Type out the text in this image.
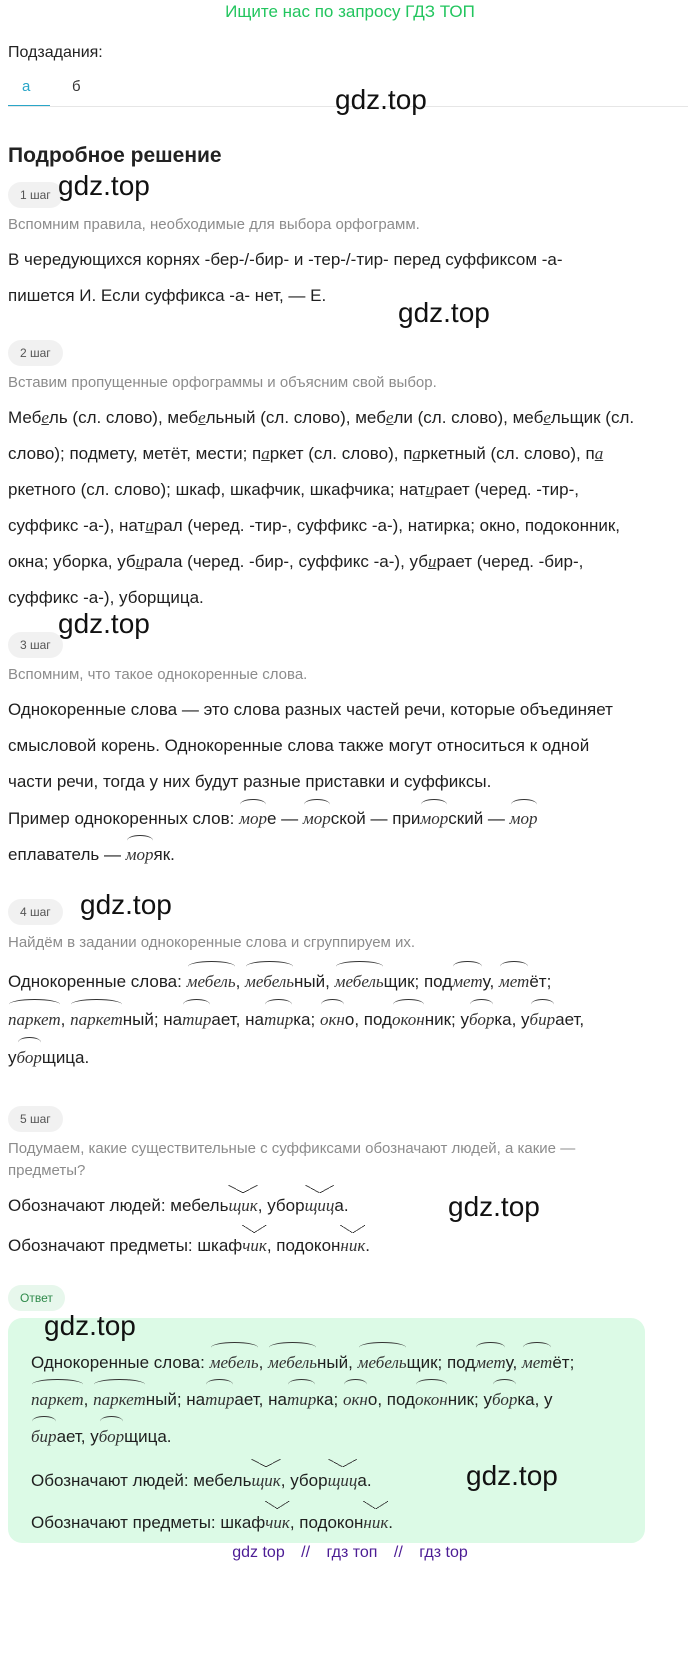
Ищите нас по запросу ГДЗ ТОП
Подзадания:
а	б	gdz.top
Подробное решение
1 шаг gdz.top
Вспомним правила, необходимые для выбора орфограмм.
В чередующихся корнях -бер-/-бир- и -тер-/-тир- перед суффиксом -а-
пишется И. Если суффикса -а- нет, — Е.
gdz.top
2 шаг
Вставим пропущенные орфограммы и объясним свой выбор.
Мебель (сл. слово), мебельный (сл. слово), мебели (сл. слово), мебельщик (сл.
слово); подмету, метёт, мести; паркет (сл. слово), паркетный (сл. слово), па
ркетного (сл. слово); шкаф, шкафчик, шкафчика; натирает (черед. -тир-,
суффикс -а-), натирал (черед. -тир-, суффикс -а-), натирка; окно, подоконник,
окна; уборка, убирала (черед. -бир-, суффикс -а-), убирает (черед. -бир-,
суффикс -а-), уборщица.
gdz.top
3 шаг
Вспомним, что такое однокоренные слова.
Однокоренные слова — это слова разных частей речи, которые объединяет
смысловой корень. Однокоренные слова также могут относиться к одной
части речи, тогда у них будут разные приставки и суффиксы.
Пример однокоренных слов: море — морской — приморский — мор
еплаватель — моряк.
4 шаг	gdz.top
Найдём в задании однокоренные слова и сгруппируем их.
Однокоренные слова: мебель, мебельный, мебельщик; подмету, метёт;
паркет, паркетный; натирает, натирка; окно, подоконник; уборка, убирает,
уборщица.
5 шаг
Подумаем, какие существительные с суффиксами обозначают людей, а какие — предметы?
Обозначают людей: мебельщик, уборщица.
Обозначают предметы: шкафчик, подоконник.
gdz.top
Ответ
gdz.top
Однокоренные слова: мебель, мебельный, мебельщик; подмету, метёт;
паркет, паркетный; натирает, натирка; окно, подоконник; уборка, у
бирает, уборщица.
Обозначают людей: мебельщик, уборщица.
Обозначают предметы: шкафчик, подоконник.
gdz.top
gdz top // гдз топ // гдз top
